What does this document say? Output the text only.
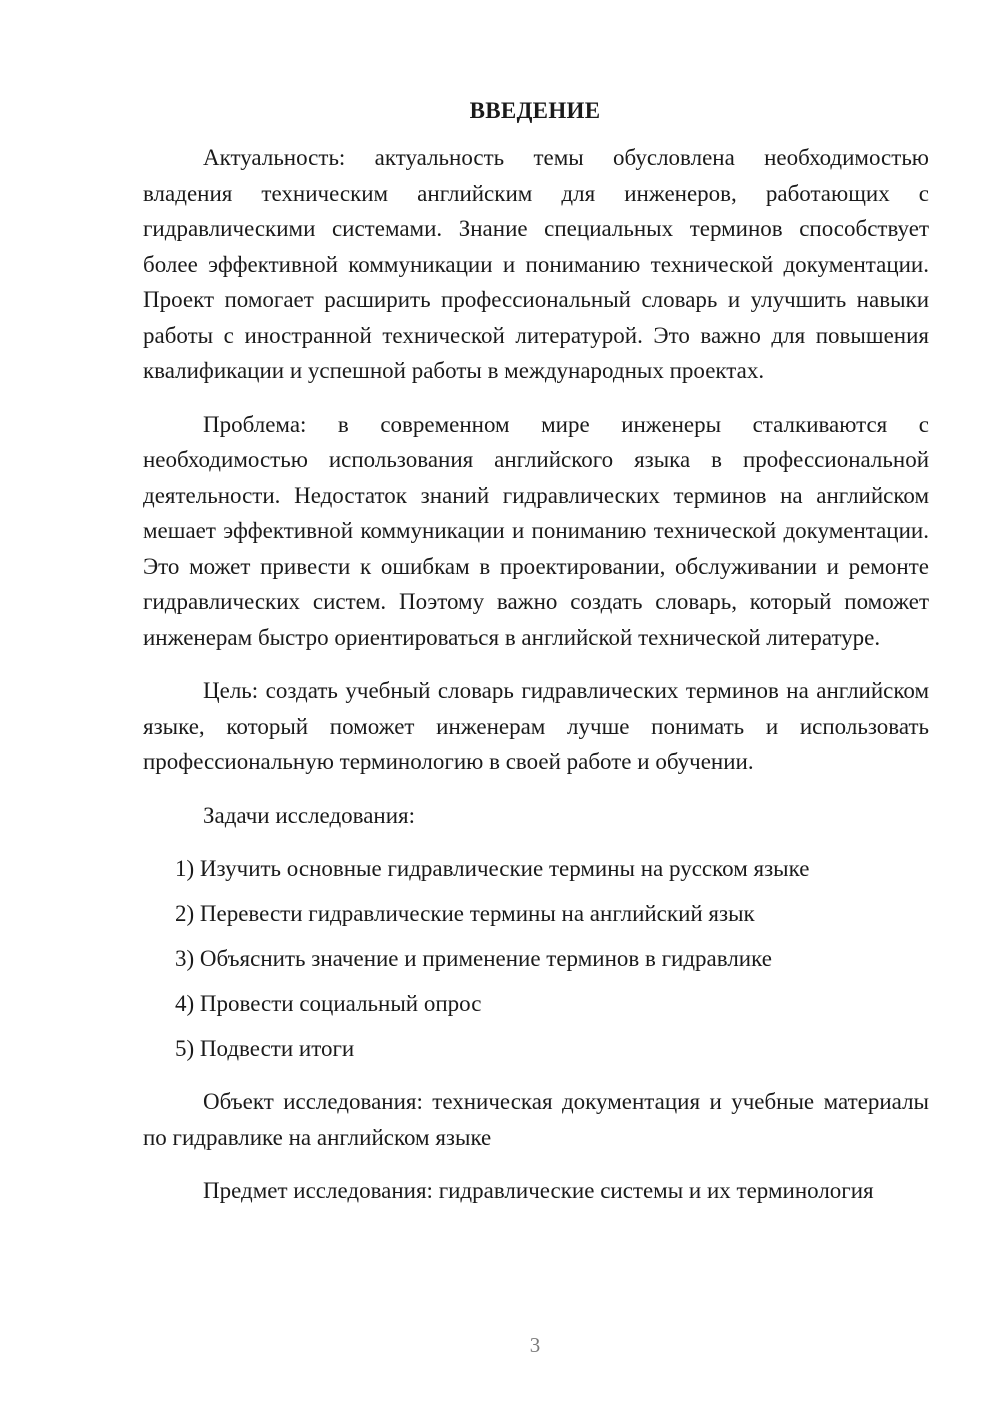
ВВЕДЕНИЕ

Актуальность: актуальность темы обусловлена необходимостью владения техническим английским для инженеров, работающих с гидравлическими системами. Знание специальных терминов способствует более эффективной коммуникации и пониманию технической документации. Проект помогает расширить профессиональный словарь и улучшить навыки работы с иностранной технической литературой. Это важно для повышения квалификации и успешной работы в международных проектах.

Проблема: в современном мире инженеры сталкиваются с необходимостью использования английского языка в профессиональной деятельности. Недостаток знаний гидравлических терминов на английском мешает эффективной коммуникации и пониманию технической документации. Это может привести к ошибкам в проектировании, обслуживании и ремонте гидравлических систем. Поэтому важно создать словарь, который поможет инженерам быстро ориентироваться в английской технической литературе.

Цель: создать учебный словарь гидравлических терминов на английском языке, который поможет инженерам лучше понимать и использовать профессиональную терминологию в своей работе и обучении.

Задачи исследования:

1) Изучить основные гидравлические термины на русском языке
2) Перевести гидравлические термины на английский язык
3) Объяснить значение и применение терминов в гидравлике
4) Провести социальный опрос
5) Подвести итоги

Объект исследования: техническая документация и учебные материалы по гидравлике на английском языке

Предмет исследования: гидравлические системы и их терминология

3
